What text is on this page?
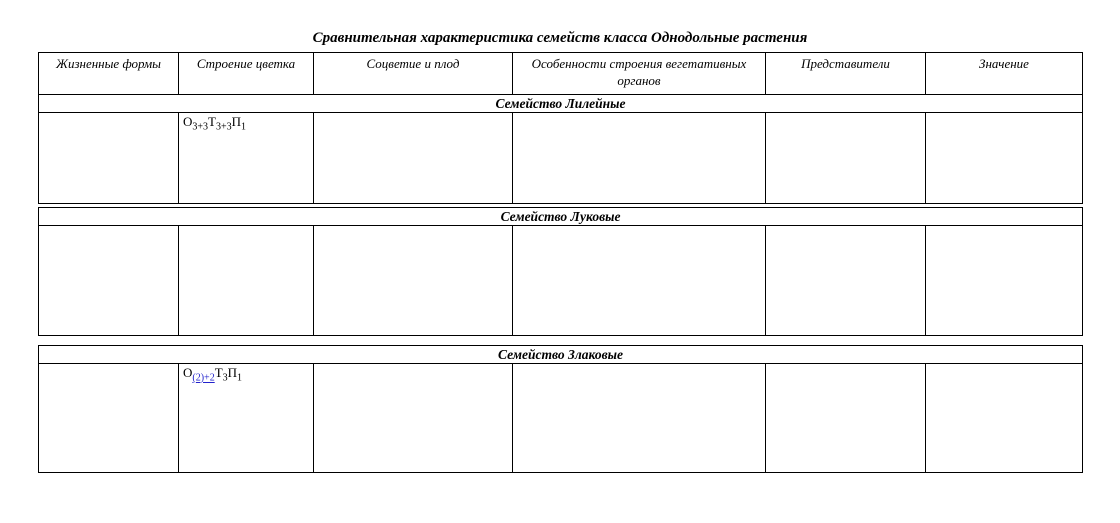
Сравнительная характеристика семейств класса Однодольные растения
Жизненные формы	Строение цветка	Соцветие и плод	Особенности строения вегетативных органов	Представители	Значение
Семейство Лилейные					
	$О_{3+3}Т_{3+3}П_1$				
Семейство Луковые

Семейство Злаковые
	$О_{(2)+2}Т_3П_1$				
